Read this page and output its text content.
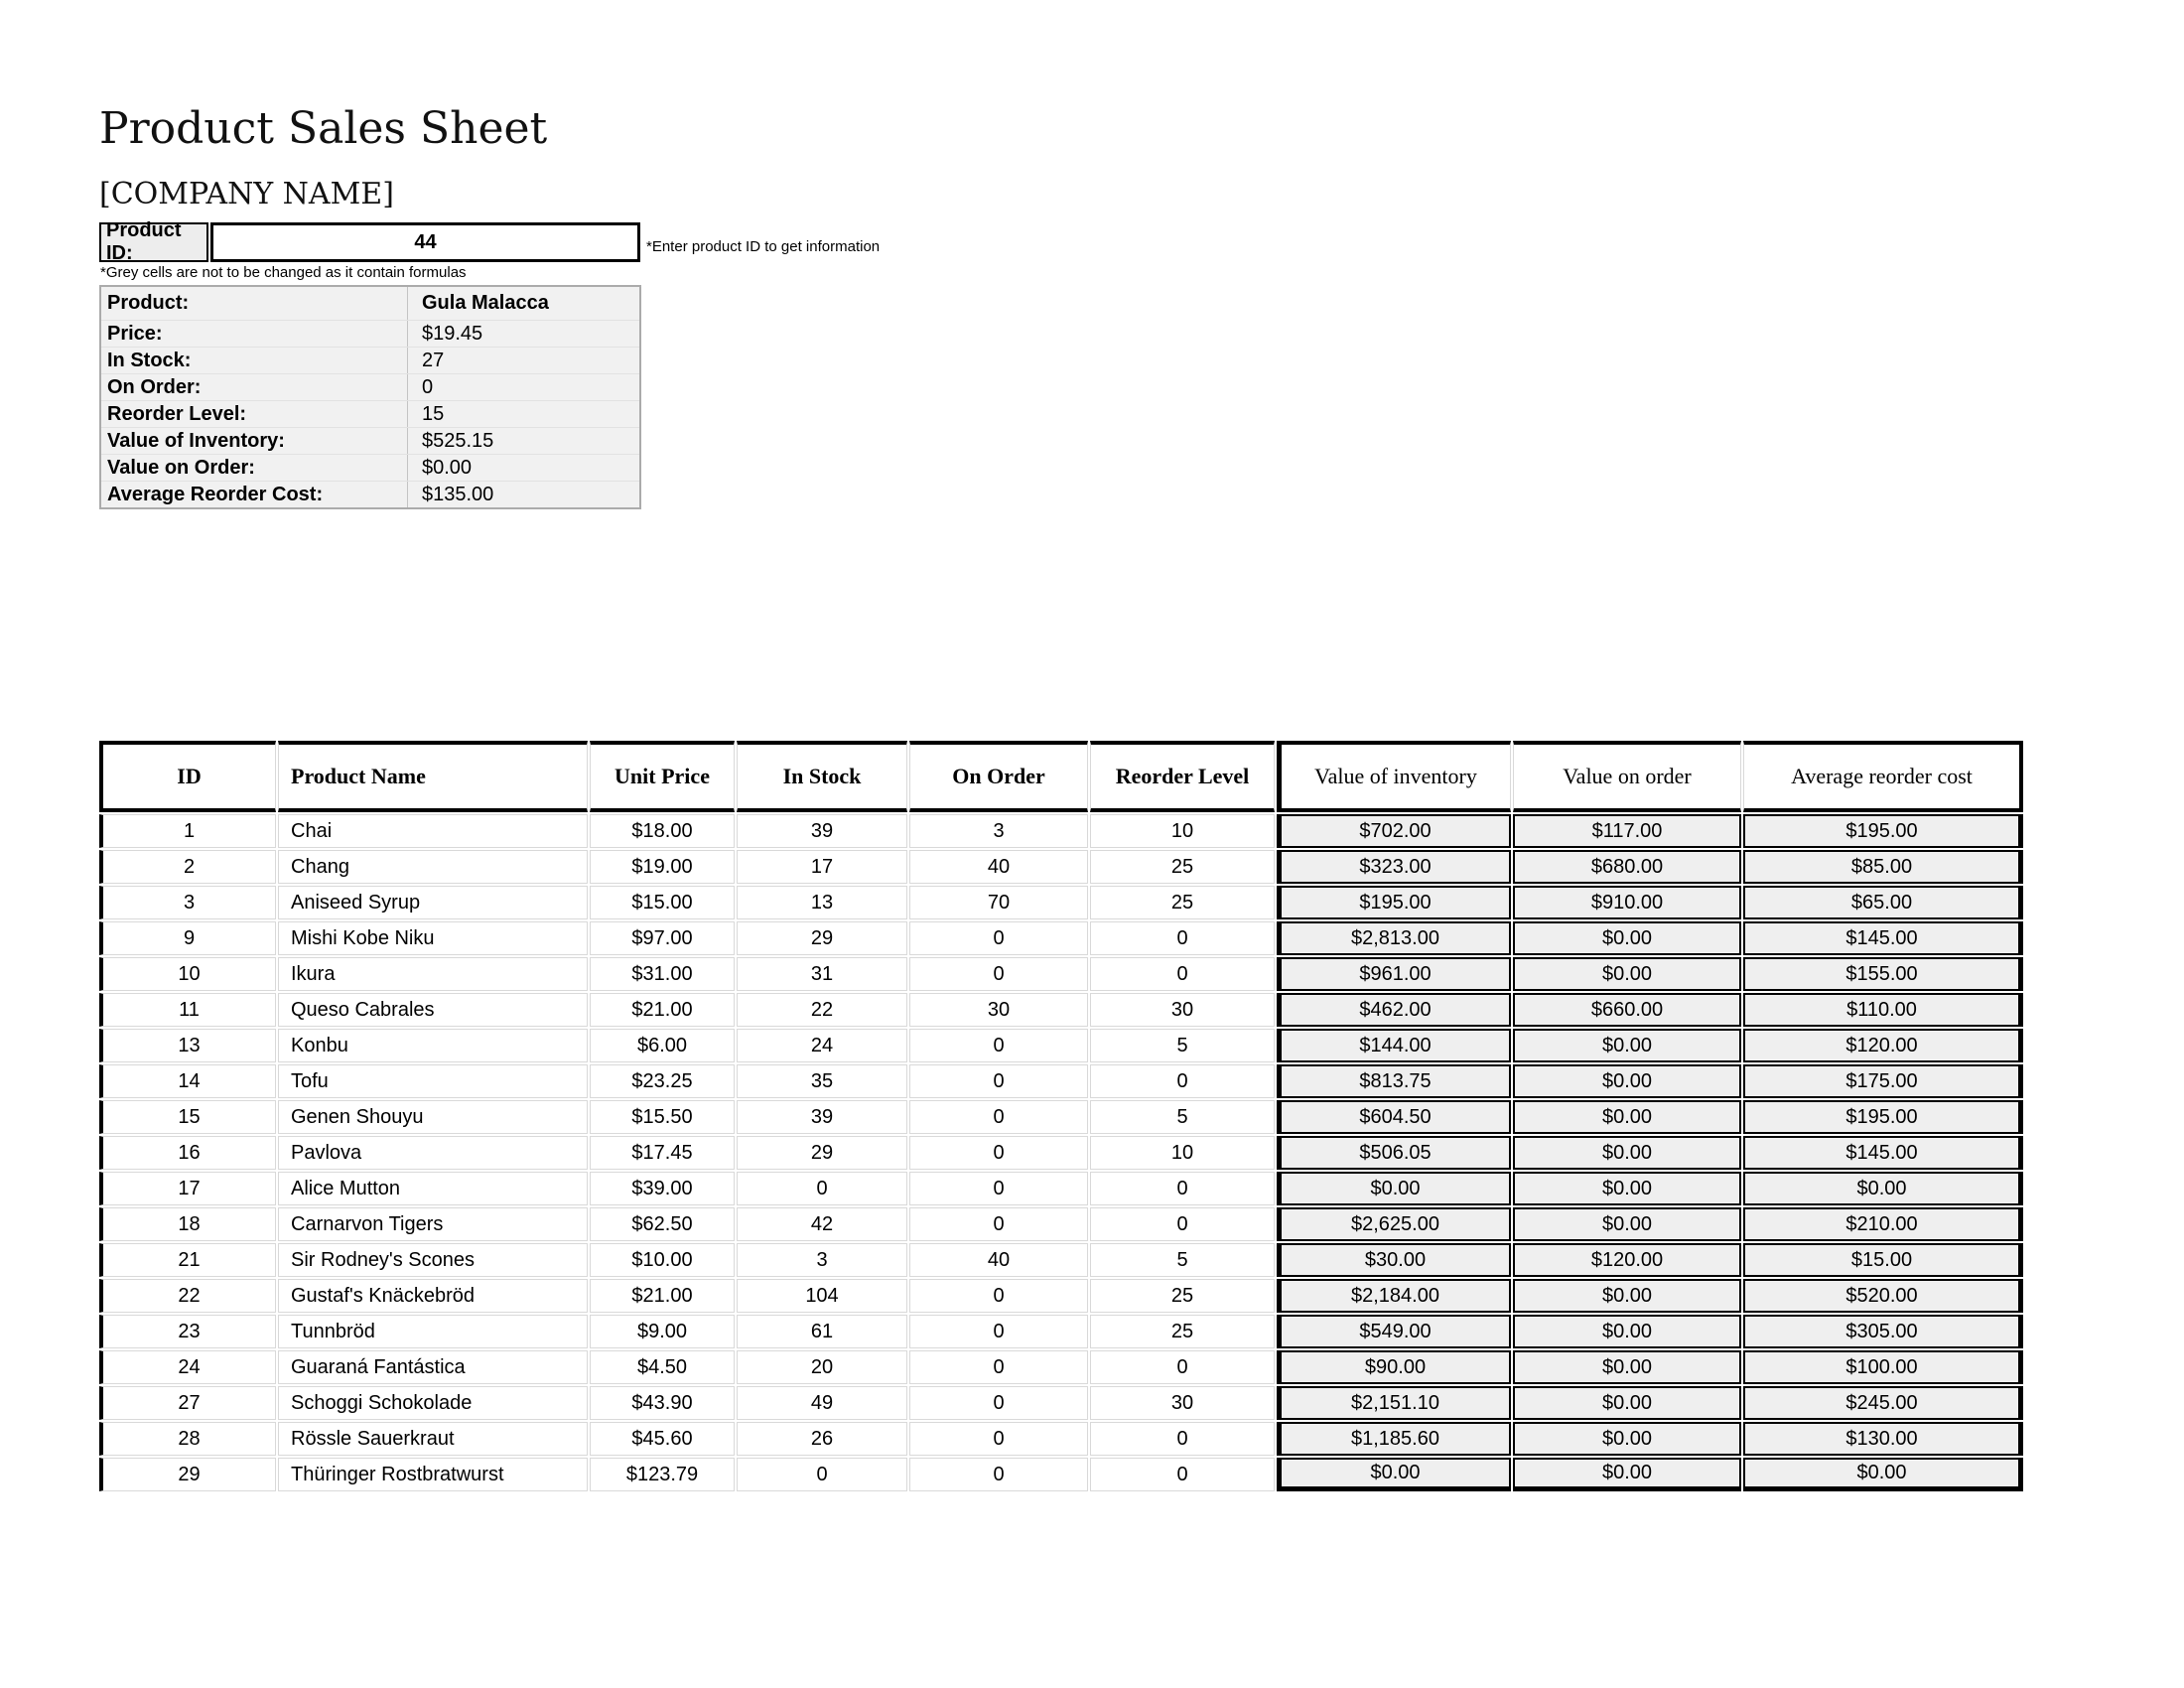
Product Sales Sheet
[COMPANY NAME]
Product ID:
44	*Enter product ID to get information
*Grey cells are not to be changed as it contain formulas
Product:	Gula Malacca
Price:	$19.45
In Stock:	27
On Order:	0
Reorder Level:	15
Value of Inventory:	$525.15
Value on Order:	$0.00
Average Reorder Cost:	$135.00
ID	Product Name	Unit Price	In Stock	On Order	Reorder Level	Value of inventory	Value on order	Average reorder cost
1	Chai	$18.00	39	3	10	$702.00	$117.00	$195.00
2	Chang	$19.00	17	40	25	$323.00	$680.00	$85.00
3	Aniseed Syrup	$15.00	13	70	25	$195.00	$910.00	$65.00
9	Mishi Kobe Niku	$97.00	29	0	0	$2,813.00	$0.00	$145.00
10	Ikura	$31.00	31	0	0	$961.00	$0.00	$155.00
11	Queso Cabrales	$21.00	22	30	30	$462.00	$660.00	$110.00
13	Konbu	$6.00	24	0	5	$144.00	$0.00	$120.00
14	Tofu	$23.25	35	0	0	$813.75	$0.00	$175.00
15	Genen Shouyu	$15.50	39	0	5	$604.50	$0.00	$195.00
16	Pavlova	$17.45	29	0	10	$506.05	$0.00	$145.00
17	Alice Mutton	$39.00	0	0	0	$0.00	$0.00	$0.00
18	Carnarvon Tigers	$62.50	42	0	0	$2,625.00	$0.00	$210.00
21	Sir Rodney's Scones	$10.00	3	40	5	$30.00	$120.00	$15.00
22	Gustaf's Knäckebröd	$21.00	104	0	25	$2,184.00	$0.00	$520.00
23	Tunnbröd	$9.00	61	0	25	$549.00	$0.00	$305.00
24	Guaraná Fantástica	$4.50	20	0	0	$90.00	$0.00	$100.00
27	Schoggi Schokolade	$43.90	49	0	30	$2,151.10	$0.00	$245.00
28	Rössle Sauerkraut	$45.60	26	0	0	$1,185.60	$0.00	$130.00
29	Thüringer Rostbratwurst	$123.79	0	0	0	$0.00	$0.00	$0.00
